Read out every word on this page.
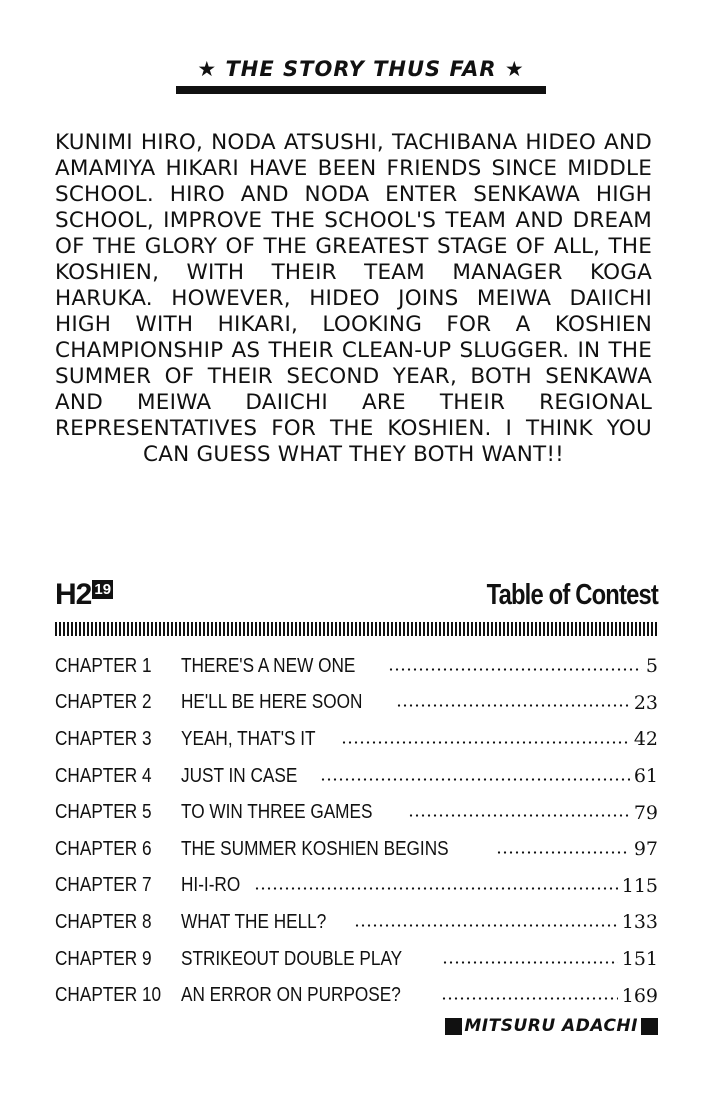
★ THE STORY THUS FAR ★
KUNIMI HIRO, NODA ATSUSHI, TACHIBANA HIDEO AND AMAMIYA HIKARI HAVE BEEN FRIENDS SINCE MIDDLE SCHOOL. HIRO AND NODA ENTER SENKAWA HIGH SCHOOL, IMPROVE THE SCHOOL'S TEAM AND DREAM OF THE GLORY OF THE GREATEST STAGE OF ALL, THE KOSHIEN, WITH THEIR TEAM MANAGER KOGA HARUKA. HOWEVER, HIDEO JOINS MEIWA DAIICHI HIGH WITH HIKARI, LOOKING FOR A KOSHIEN CHAMPIONSHIP AS THEIR CLEAN-UP SLUGGER. IN THE SUMMER OF THEIR SECOND YEAR, BOTH SENKAWA AND MEIWA DAIICHI ARE THEIR REGIONAL REPRESENTATIVES FOR THE KOSHIEN. I THINK YOU CAN GUESS WHAT THEY BOTH WANT!!
H2 19	Table of Contest
CHAPTER 1	THERE'S A NEW ONE	5
CHAPTER 2	HE'LL BE HERE SOON	23
CHAPTER 3	YEAH, THAT'S IT	42
CHAPTER 4	JUST IN CASE	61
CHAPTER 5	TO WIN THREE GAMES	79
CHAPTER 6	THE SUMMER KOSHIEN BEGINS	97
CHAPTER 7	HI-I-RO	115
CHAPTER 8	WHAT THE HELL?	133
CHAPTER 9	STRIKEOUT DOUBLE PLAY	151
CHAPTER 10 AN ERROR ON PURPOSE?	169
MITSURU ADACHI
